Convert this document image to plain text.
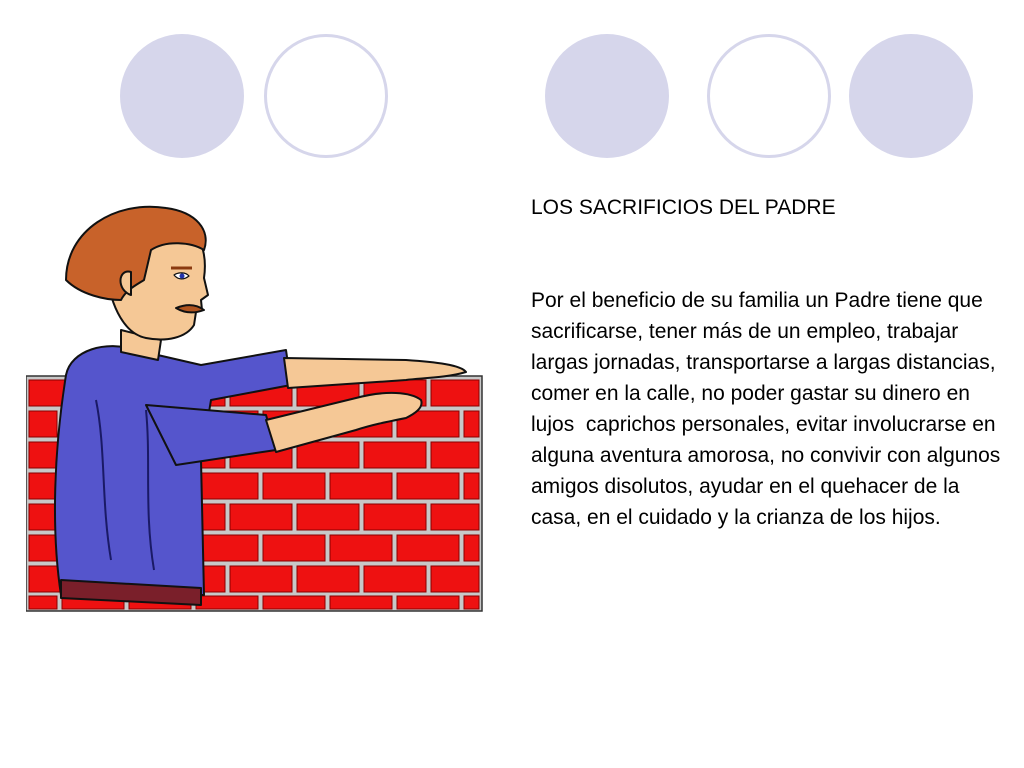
LOS SACRIFICIOS DEL PADRE

Por el beneficio de su familia un Padre tiene que sacrificarse, tener más de un empleo, trabajar largas jornadas, transportarse a largas distancias, comer en la calle, no poder gastar su dinero en lujos  caprichos personales, evitar involucrarse en alguna aventura amorosa, no convivir con algunos amigos disolutos, ayudar en el quehacer de la casa, en el cuidado y la crianza de los hijos.
